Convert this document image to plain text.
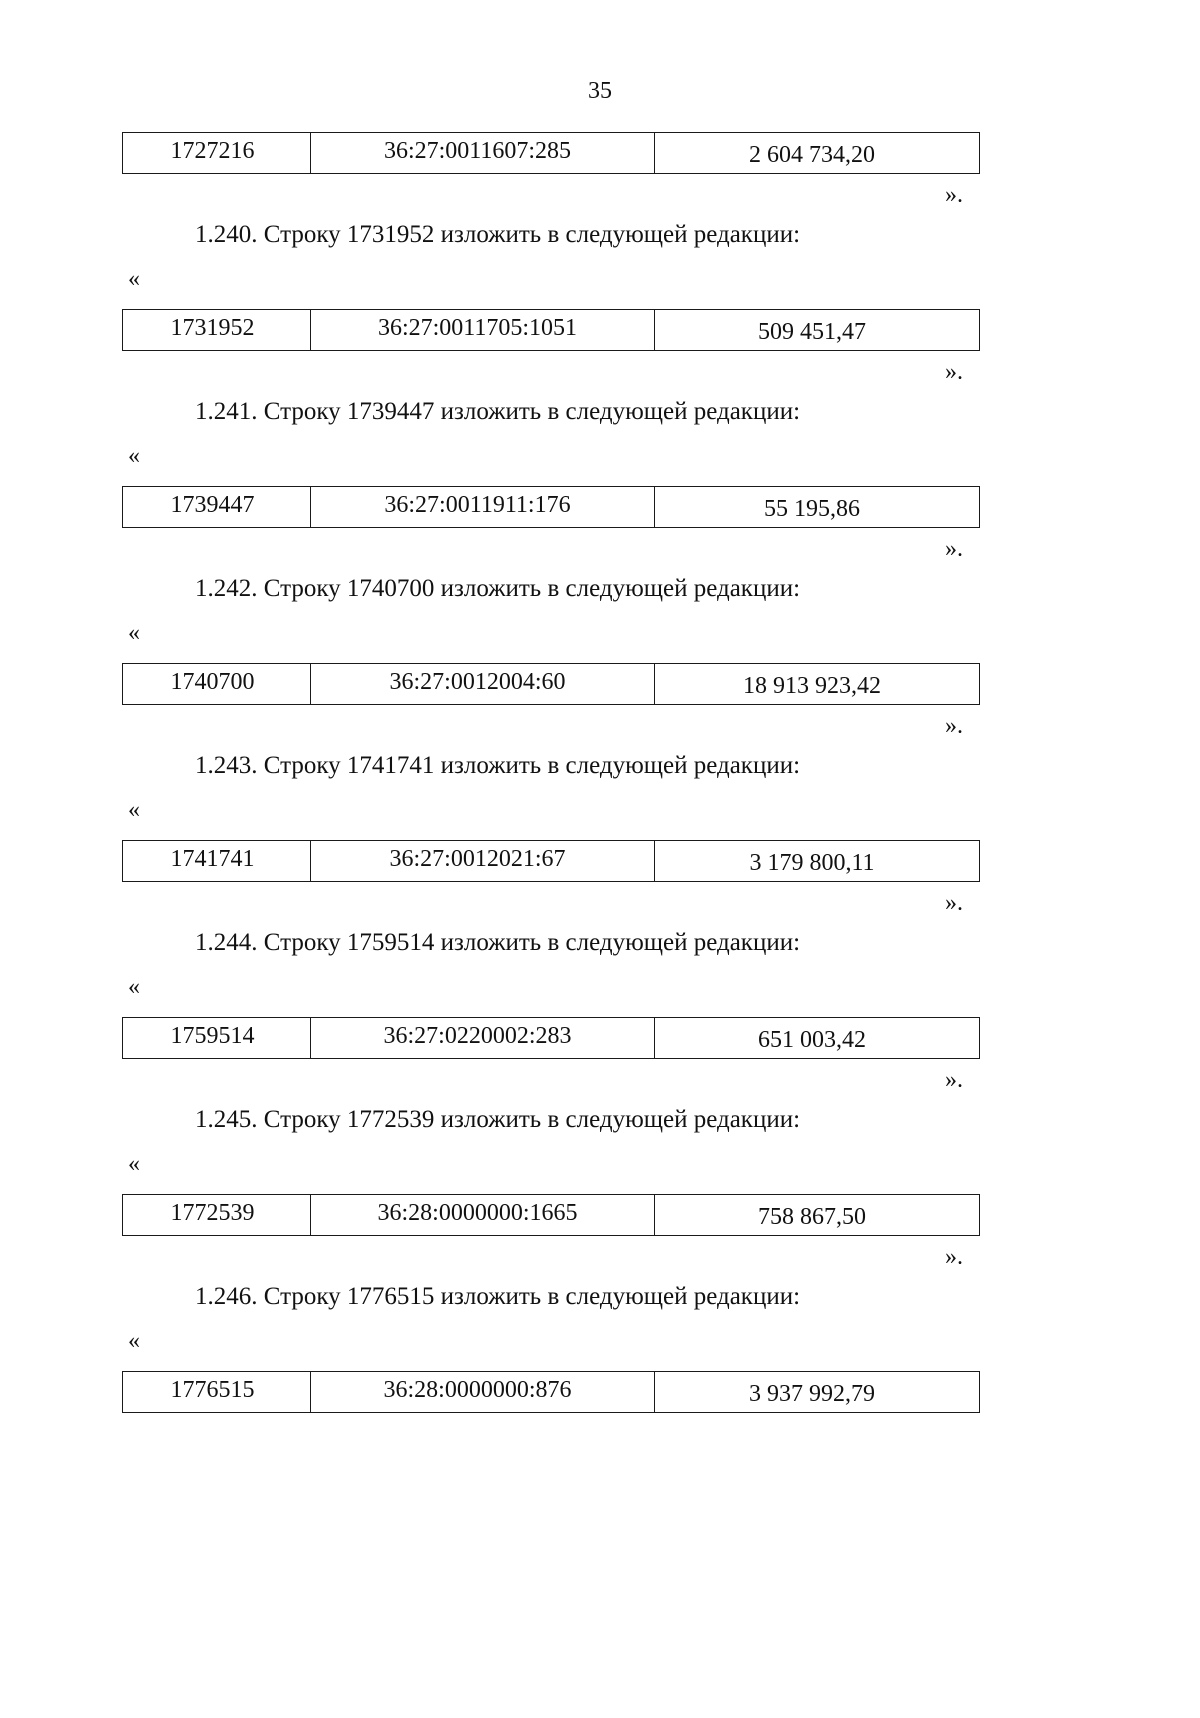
35
1727216	36:27:0011607:285	2 604 734,20
».
1.240. Строку 1731952 изложить в следующей редакции:
«
1731952	36:27:0011705:1051	509 451,47
».
1.241. Строку 1739447 изложить в следующей редакции:
«
1739447	36:27:0011911:176	55 195,86
».
1.242. Строку 1740700 изложить в следующей редакции:
«
1740700	36:27:0012004:60	18 913 923,42
».
1.243. Строку 1741741 изложить в следующей редакции:
«
1741741	36:27:0012021:67	3 179 800,11
».
1.244. Строку 1759514 изложить в следующей редакции:
«
1759514	36:27:0220002:283	651 003,42
».
1.245. Строку 1772539 изложить в следующей редакции:
«
1772539	36:28:0000000:1665	758 867,50
».
1.246. Строку 1776515 изложить в следующей редакции:
«
1776515	36:28:0000000:876	3 937 992,79
